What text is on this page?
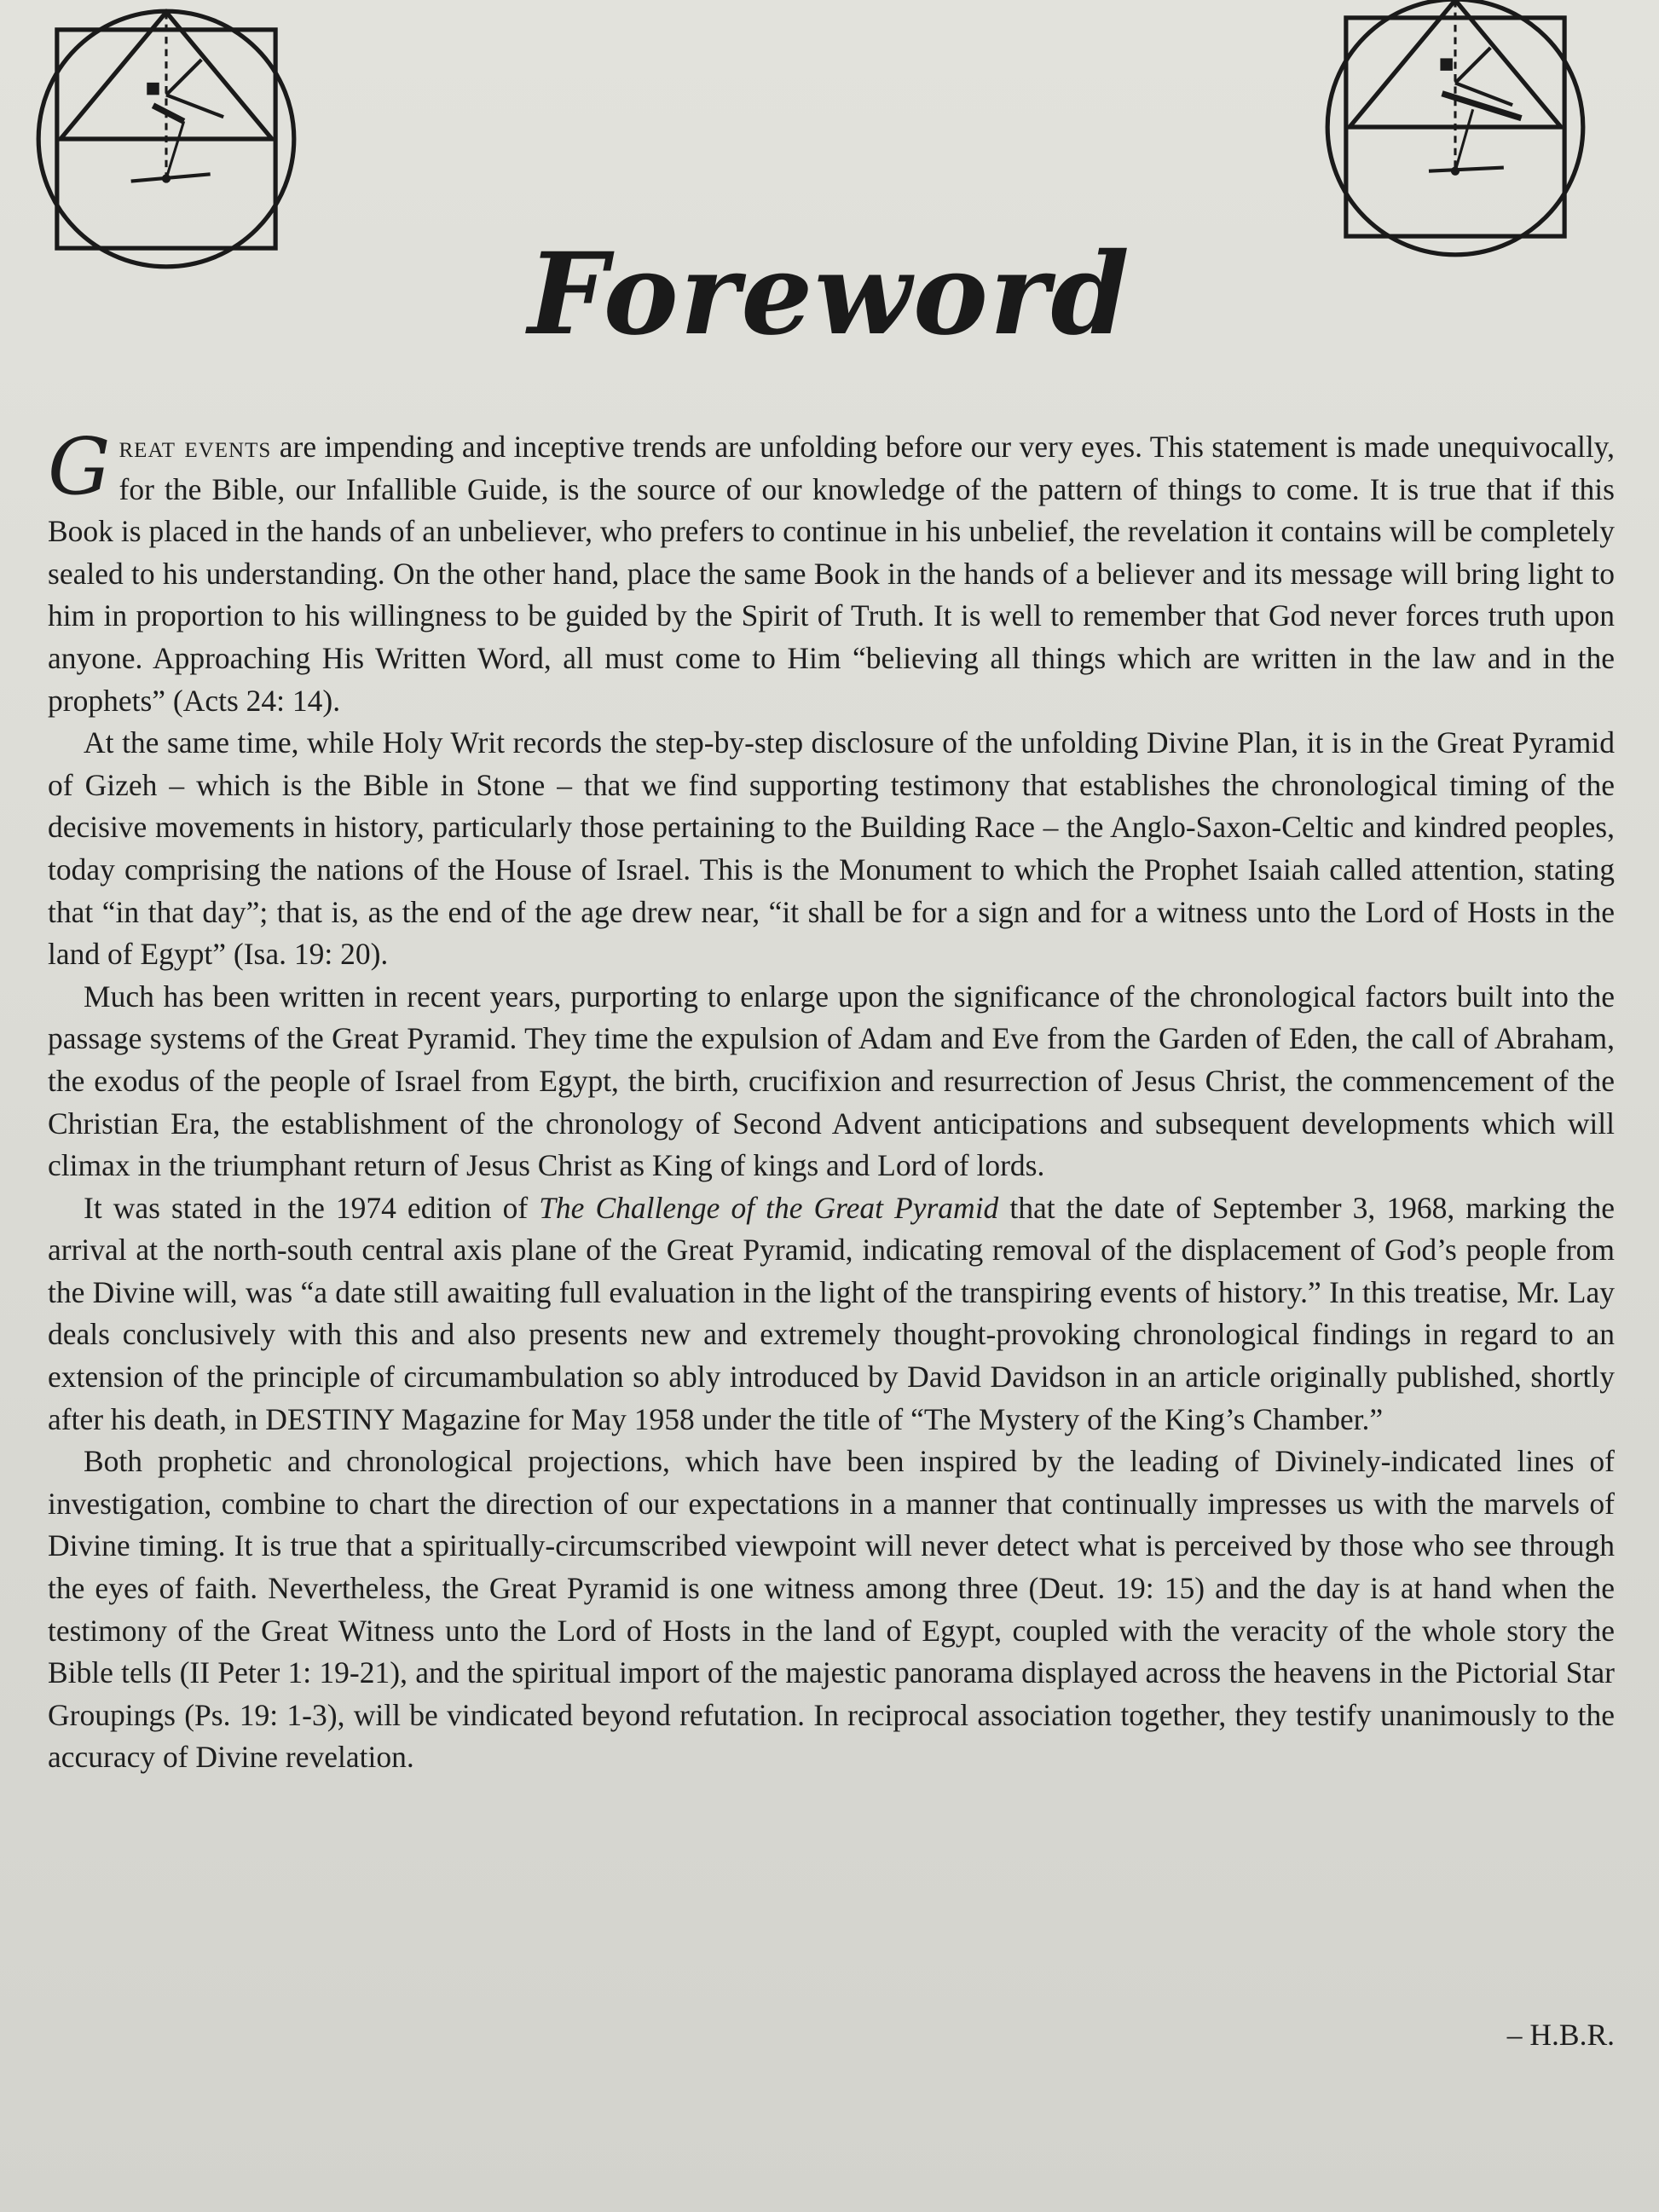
Foreword

Great events are impending and inceptive trends are unfolding before our very eyes. This statement is made unequivocally, for the Bible, our Infallible Guide, is the source of our knowledge of the pattern of things to come. It is true that if this Book is placed in the hands of an unbeliever, who prefers to continue in his unbelief, the revelation it contains will be completely sealed to his understanding. On the other hand, place the same Book in the hands of a believer and its message will bring light to him in proportion to his willingness to be guided by the Spirit of Truth. It is well to remember that God never forces truth upon anyone. Approaching His Written Word, all must come to Him “believing all things which are written in the law and in the prophets” (Acts 24: 14).

At the same time, while Holy Writ records the step-by-step disclosure of the unfolding Divine Plan, it is in the Great Pyramid of Gizeh – which is the Bible in Stone – that we find supporting testimony that establishes the chronological timing of the decisive movements in history, particularly those pertaining to the Building Race – the Anglo-Saxon-Celtic and kindred peoples, today comprising the nations of the House of Israel. This is the Monument to which the Prophet Isaiah called attention, stating that “in that day”; that is, as the end of the age drew near, “it shall be for a sign and for a witness unto the Lord of Hosts in the land of Egypt” (Isa. 19: 20).

Much has been written in recent years, purporting to enlarge upon the significance of the chronological factors built into the passage systems of the Great Pyramid. They time the expulsion of Adam and Eve from the Garden of Eden, the call of Abraham, the exodus of the people of Israel from Egypt, the birth, crucifixion and resurrection of Jesus Christ, the commencement of the Christian Era, the establishment of the chronology of Second Advent anticipations and subsequent developments which will climax in the triumphant return of Jesus Christ as King of kings and Lord of lords.

It was stated in the 1974 edition of The Challenge of the Great Pyramid that the date of September 3, 1968, marking the arrival at the north-south central axis plane of the Great Pyramid, indicating removal of the displacement of God’s people from the Divine will, was “a date still awaiting full evaluation in the light of the transpiring events of history.” In this treatise, Mr. Lay deals conclusively with this and also presents new and extremely thought-provoking chronological findings in regard to an extension of the principle of circumambulation so ably introduced by David Davidson in an article originally published, shortly after his death, in DESTINY Magazine for May 1958 under the title of “The Mystery of the King’s Chamber.”

Both prophetic and chronological projections, which have been inspired by the leading of Divinely-indicated lines of investigation, combine to chart the direction of our expectations in a manner that continually impresses us with the marvels of Divine timing. It is true that a spiritually-circumscribed viewpoint will never detect what is perceived by those who see through the eyes of faith. Nevertheless, the Great Pyramid is one witness among three (Deut. 19: 15) and the day is at hand when the testimony of the Great Witness unto the Lord of Hosts in the land of Egypt, coupled with the veracity of the whole story the Bible tells (II Peter 1: 19-21), and the spiritual import of the majestic panorama displayed across the heavens in the Pictorial Star Groupings (Ps. 19: 1-3), will be vindicated beyond refutation. In reciprocal association together, they testify unanimously to the accuracy of Divine revelation.

– H.B.R.
